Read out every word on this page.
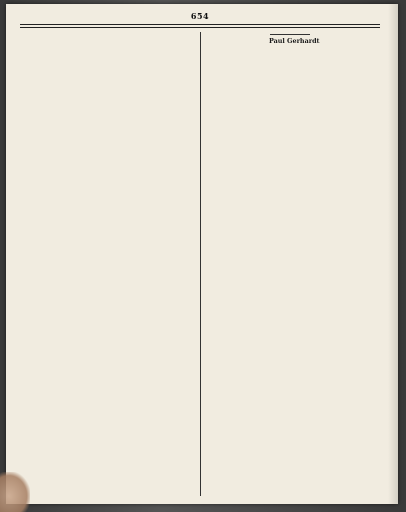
654

Paul Gerhardt
